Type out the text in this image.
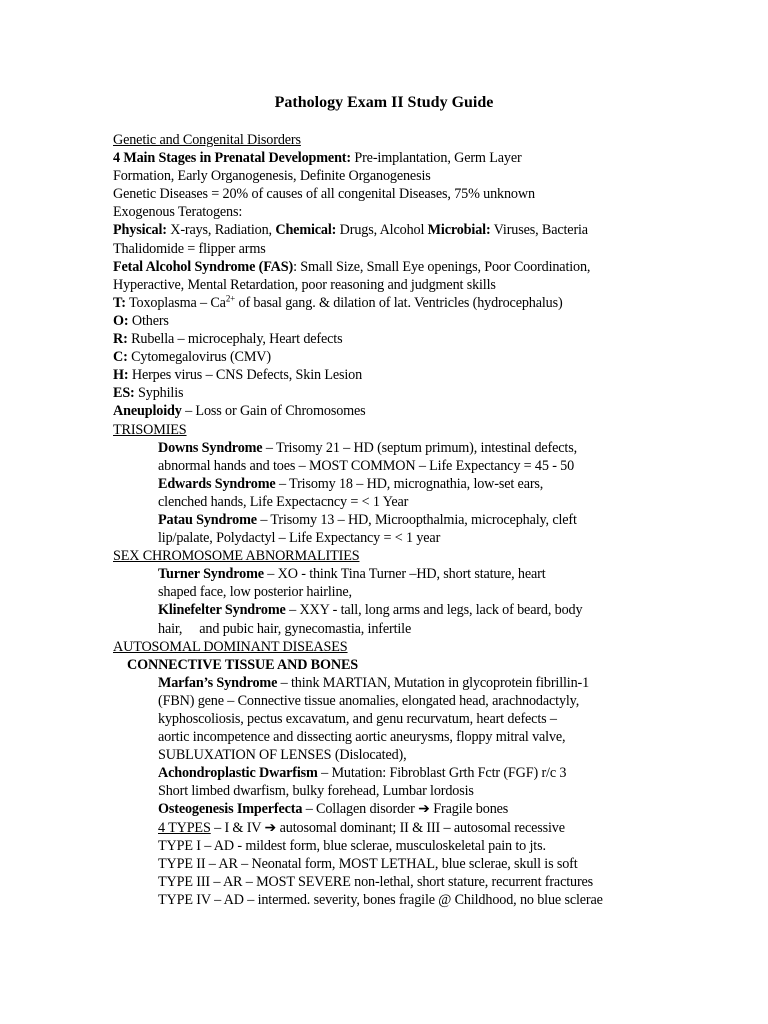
Pathology Exam II Study Guide
Genetic and Congenital Disorders
4 Main Stages in Prenatal Development: Pre-implantation, Germ Layer
Formation, Early Organogenesis, Definite Organogenesis
Genetic Diseases = 20% of causes of all congenital Diseases, 75% unknown
Exogenous Teratogens:
Physical: X-rays, Radiation, Chemical: Drugs, Alcohol Microbial: Viruses, Bacteria
Thalidomide = flipper arms
Fetal Alcohol Syndrome (FAS): Small Size, Small Eye openings, Poor Coordination,
Hyperactive, Mental Retardation, poor reasoning and judgment skills
T: Toxoplasma – $Ca^{2+}$ of basal gang. & dilation of lat. Ventricles (hydrocephalus)
O: Others
R: Rubella – microcephaly, Heart defects
C: Cytomegalovirus (CMV)
H: Herpes virus – CNS Defects, Skin Lesion
ES: Syphilis
Aneuploidy – Loss or Gain of Chromosomes
TRISOMIES
Downs Syndrome – Trisomy 21 – HD (septum primum), intestinal defects,
abnormal hands and toes – MOST COMMON – Life Expectancy = 45 - 50
Edwards Syndrome – Trisomy 18 – HD, micrognathia, low-set ears,
clenched hands, Life Expectacncy = < 1 Year
Patau Syndrome – Trisomy 13 – HD, Microopthalmia, microcephaly, cleft
lip/palate, Polydactyl – Life Expectancy = < 1 year
SEX CHROMOSOME ABNORMALITIES
Turner Syndrome – XO - think Tina Turner –HD, short stature, heart
shaped face, low posterior hairline,
Klinefelter Syndrome – XXY - tall, long arms and legs, lack of beard, body
hair,     and pubic hair, gynecomastia, infertile
AUTOSOMAL DOMINANT DISEASES
CONNECTIVE TISSUE AND BONES
Marfan’s Syndrome – think MARTIAN, Mutation in glycoprotein fibrillin-1
(FBN) gene – Connective tissue anomalies, elongated head, arachnodactyly,
kyphoscoliosis, pectus excavatum, and genu recurvatum, heart defects –
aortic incompetence and dissecting aortic aneurysms, floppy mitral valve,
SUBLUXATION OF LENSES (Dislocated),
Achondroplastic Dwarfism – Mutation: Fibroblast Grth Fctr (FGF) r/c 3
Short limbed dwarfism, bulky forehead, Lumbar lordosis
Osteogenesis Imperfecta – Collagen disorder ➔ Fragile bones
4 TYPES – I & IV ➔ autosomal dominant; II & III – autosomal recessive
TYPE I – AD - mildest form, blue sclerae, musculoskeletal pain to jts.
TYPE II – AR – Neonatal form, MOST LETHAL, blue sclerae, skull is soft
TYPE III – AR – MOST SEVERE non-lethal, short stature, recurrent fractures
TYPE IV – AD – intermed. severity, bones fragile @ Childhood, no blue sclerae
